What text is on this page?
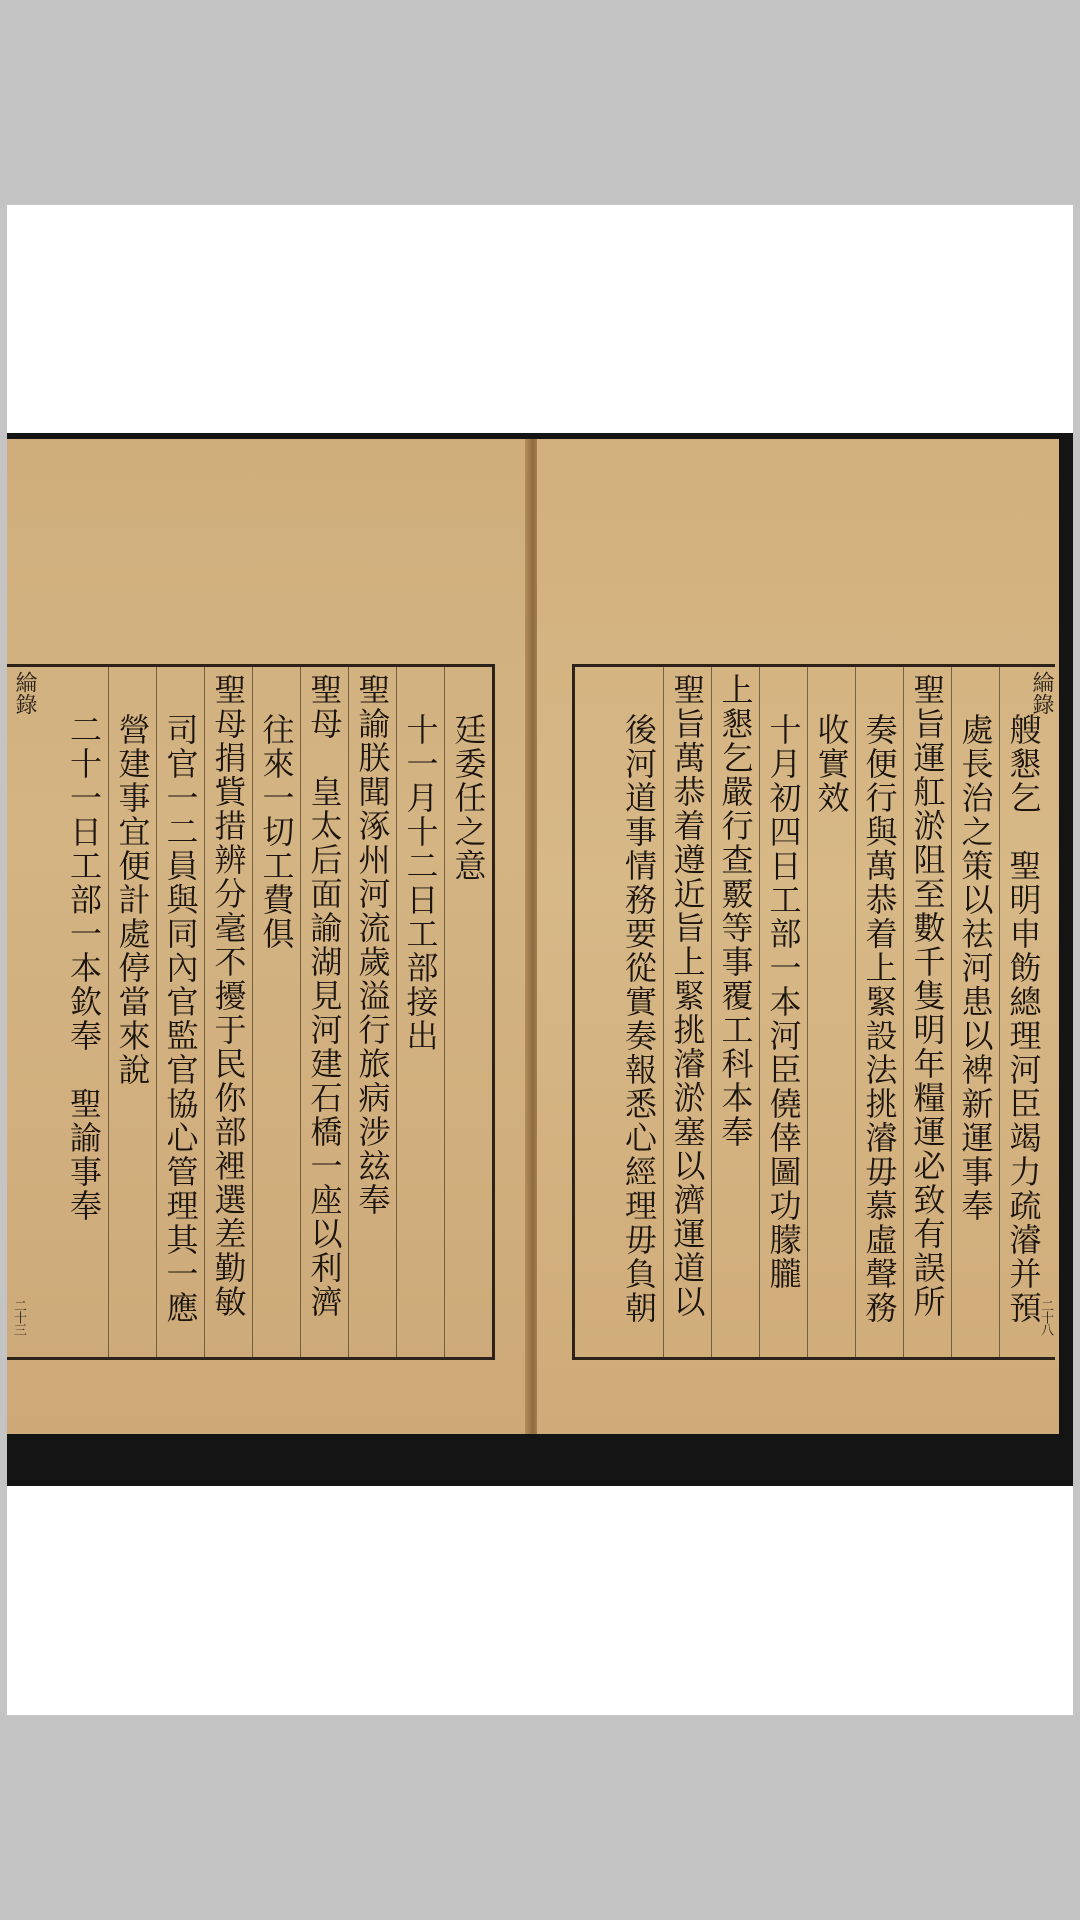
廷委任之意
十一月十二日工部接出
聖諭朕聞涿州河流歲溢行旅病涉玆奉
聖母　皇太后面諭湖見河建石橋一座以利濟
往來一切工費俱
聖母捐貲措辨分毫不擾于民你部裡選差勤敏
司官一二員與同內官監官協心管理其一應
營建事宜便計處停當來說
二十一日工部一本欽奉　聖諭事奉
綸錄
二十三	艘懇乞　聖明申飭總理河臣竭力疏濬并預
處長治之策以祛河患以裨新運事奉
聖旨運舡淤阻至數千隻明年糧運必致有誤所
奏便行與萬恭着上緊設法挑濬毋慕虛聲務
收實效
十月初四日工部一本河臣僥倖圖功朦朧
上懇乞嚴行查覈等事覆工科本奉
聖旨萬恭着遵近旨上緊挑濬淤塞以濟運道以
後河道事情務要從實奏報悉心經理毋負朝
綸錄
二十八
